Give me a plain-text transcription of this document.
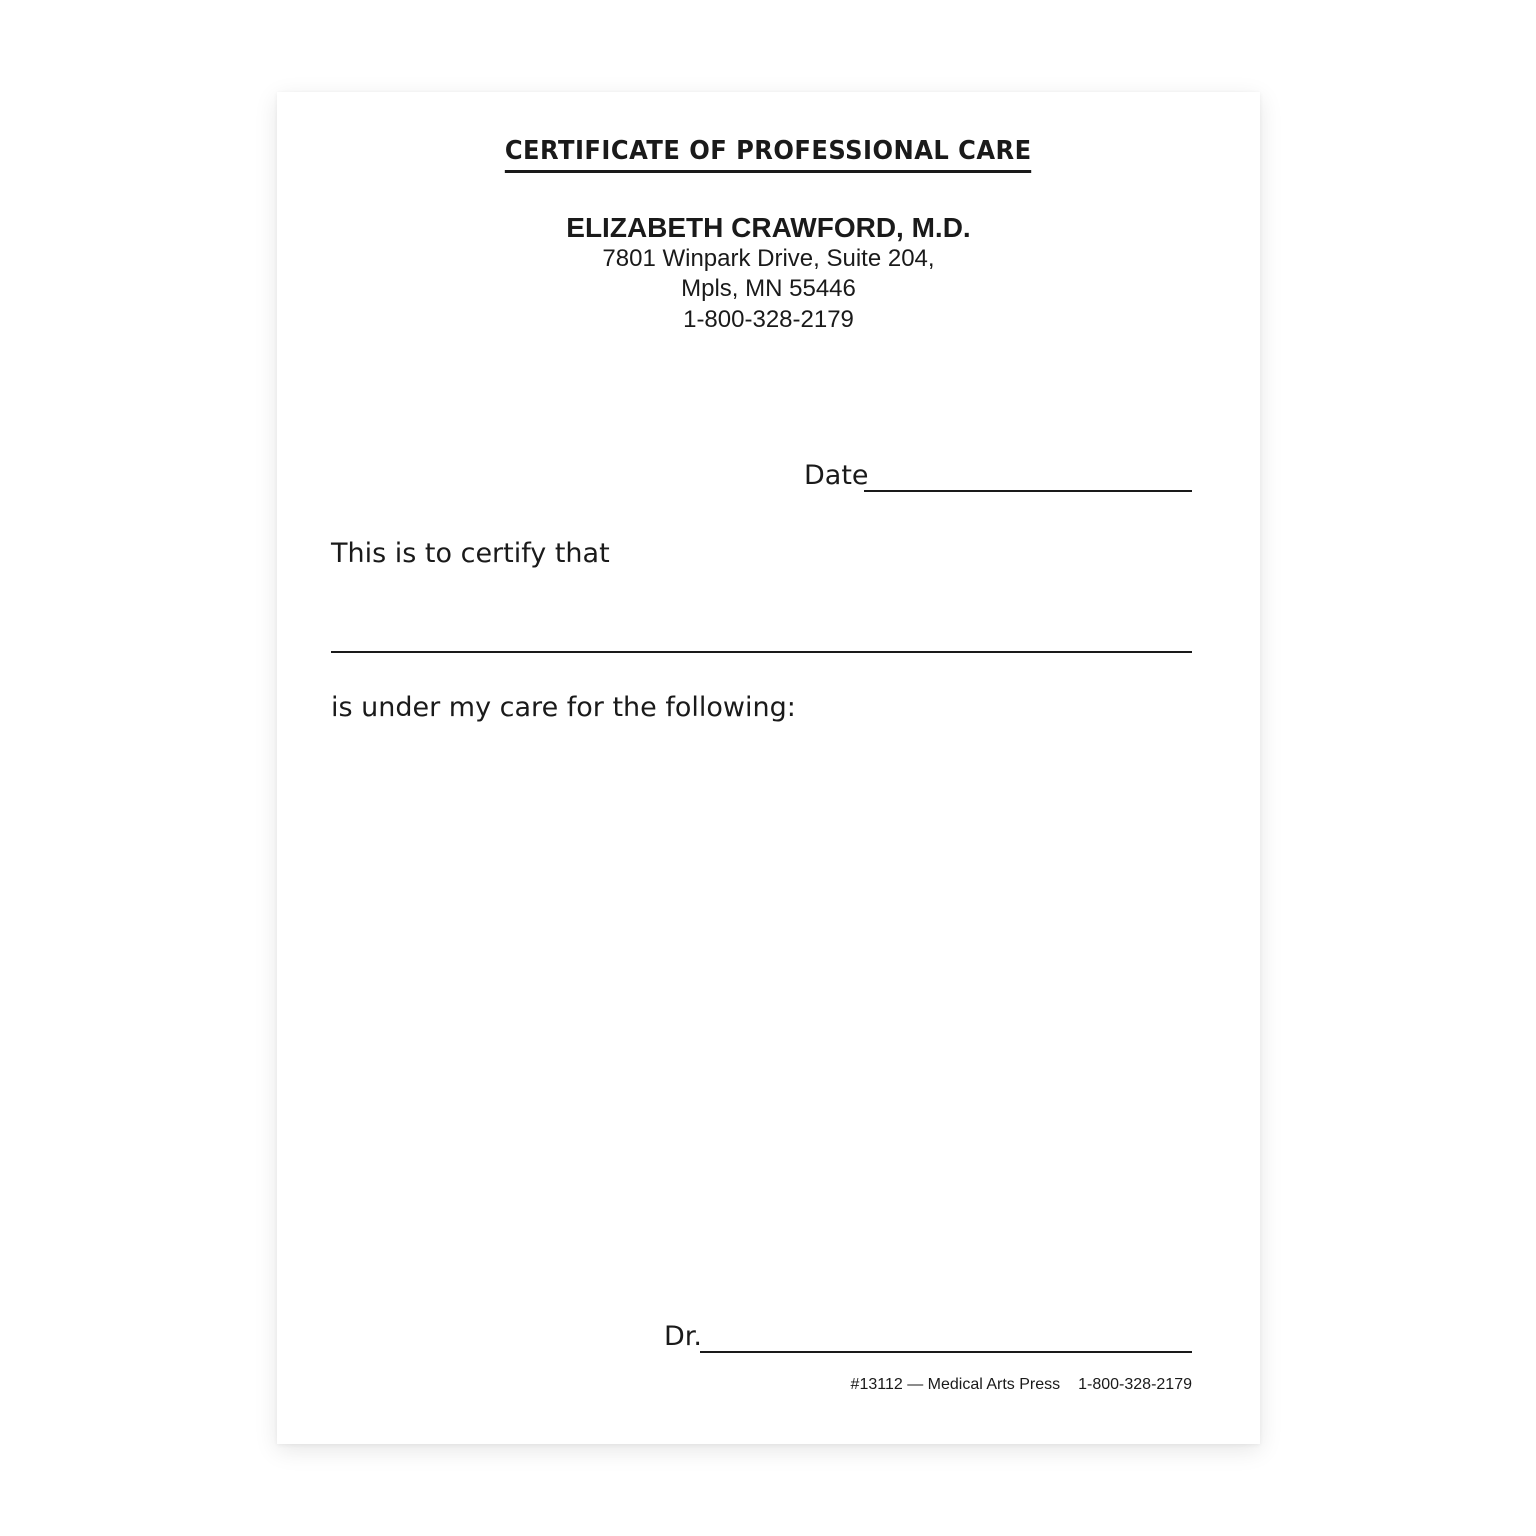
CERTIFICATE OF PROFESSIONAL CARE
ELIZABETH CRAWFORD, M.D.
7801 Winpark Drive, Suite 204,
Mpls, MN 55446
1-800-328-2179
Date
This is to certify that
is under my care for the following:
Dr.
#13112 — Medical Arts Press 1-800-328-2179
